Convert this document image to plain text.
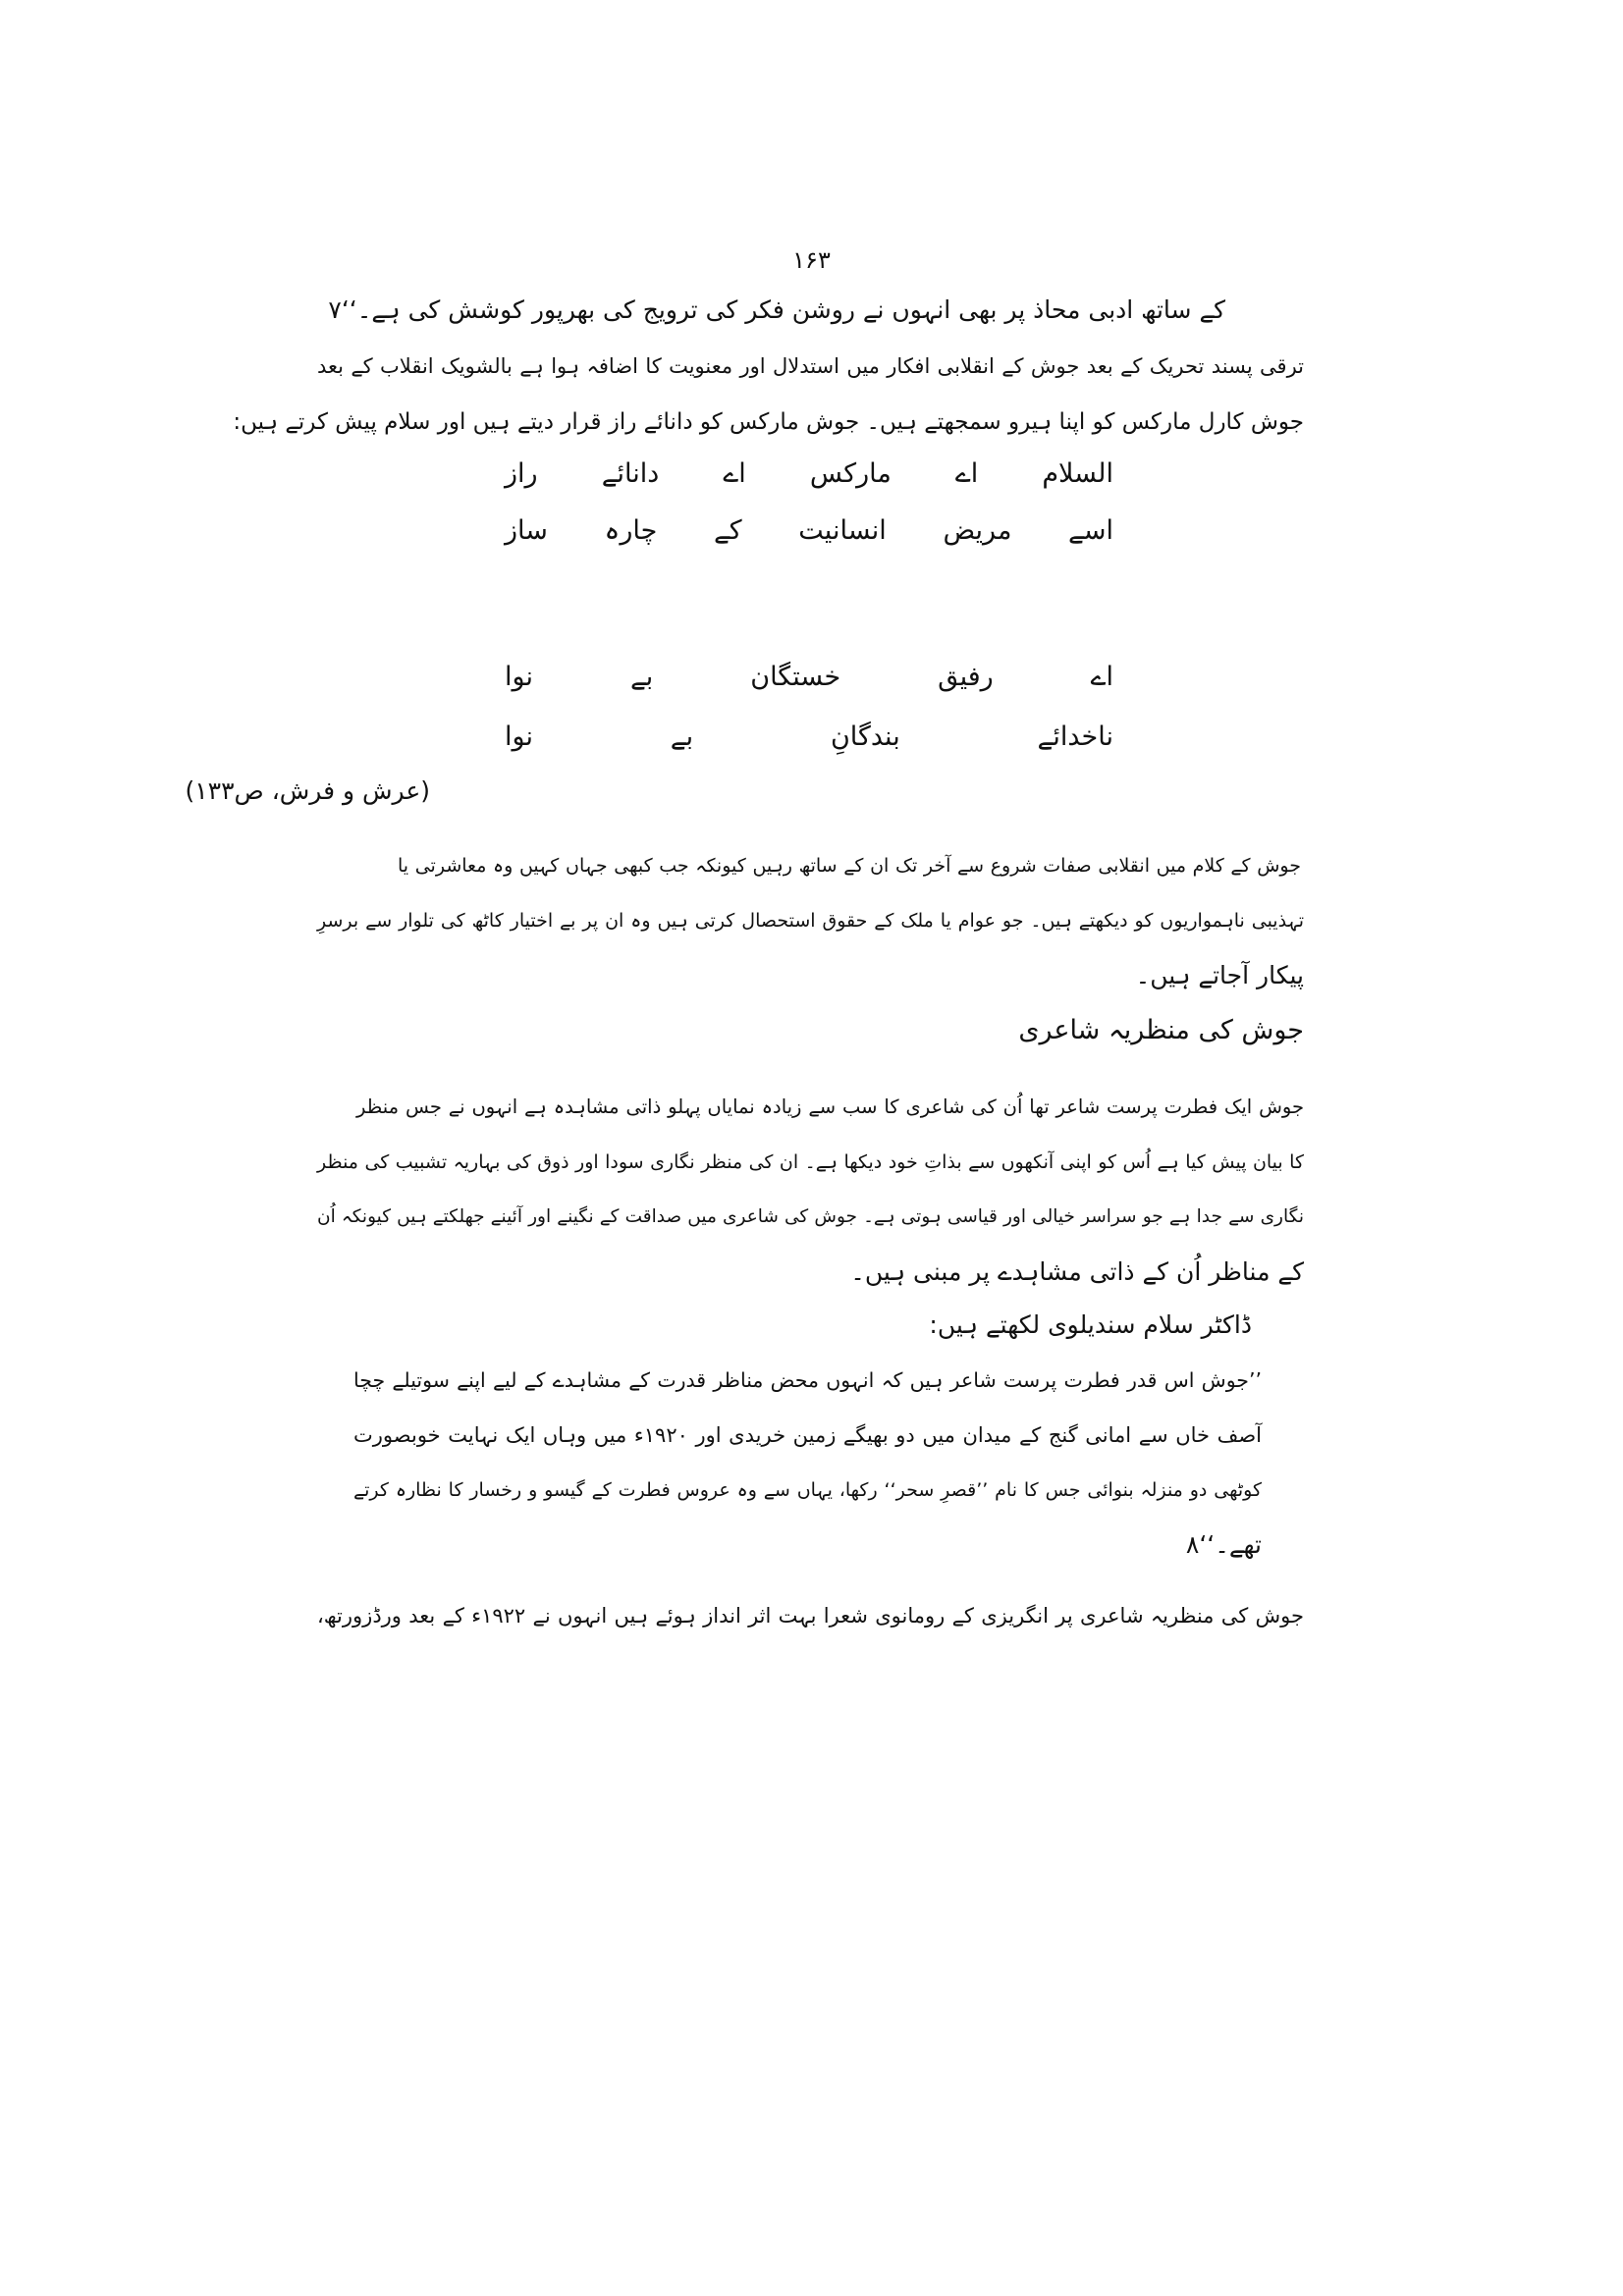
۱۶۳
کے ساتھ ادبی محاذ پر بھی انہوں نے روشن فکر کی ترویج کی بھرپور کوشش کی ہے۔‘‘۷
ترقی پسند تحریک کے بعد جوش کے انقلابی افکار میں استدلال اور معنویت کا اضافہ ہوا ہے بالشویک انقلاب کے بعد
جوش کارل مارکس کو اپنا ہیرو سمجھتے ہیں۔ جوش مارکس کو دانائے راز قرار دیتے ہیں اور سلام پیش کرتے ہیں:
السلام
اے
مارکس
اے
دانائے
راز
اسے
مریض
انسانیت
کے
چارہ
ساز
اے
رفیق
خستگان
بے
نوا
ناخدائے
بندگانِ
بے
نوا
(عرش و فرش، ص۱۳۳)
جوش کے کلام میں انقلابی صفات شروع سے آخر تک ان کے ساتھ رہیں کیونکہ جب کبھی جہاں کہیں وہ معاشرتی یا
تہذیبی ناہمواریوں کو دیکھتے ہیں۔ جو عوام یا ملک کے حقوق استحصال کرتی ہیں وہ ان پر بے اختیار کاٹھ کی تلوار سے برسرِ
پیکار آجاتے ہیں۔
جوش کی منظریہ شاعری
جوش ایک فطرت پرست شاعر تھا اُن کی شاعری کا سب سے زیادہ نمایاں پہلو ذاتی مشاہدہ ہے انہوں نے جس منظر
کا بیان پیش کیا ہے اُس کو اپنی آنکھوں سے بذاتِ خود دیکھا ہے۔ ان کی منظر نگاری سودا اور ذوق کی بہاریہ تشبیب کی منظر
نگاری سے جدا ہے جو سراسر خیالی اور قیاسی ہوتی ہے۔ جوش کی شاعری میں صداقت کے نگینے اور آئینے جھلکتے ہیں کیونکہ اُن
کے مناظر اُن کے ذاتی مشاہدے پر مبنی ہیں۔
ڈاکٹر سلام سندیلوی لکھتے ہیں:
’’جوش اس قدر فطرت پرست شاعر ہیں کہ انہوں محض مناظر قدرت کے مشاہدے کے لیے اپنے سوتیلے چچا
آصف خاں سے امانی گنج کے میدان میں دو بھیگے زمین خریدی اور ۱۹۲۰ء میں وہاں ایک نہایت خوبصورت
کوٹھی دو منزلہ بنوائی جس کا نام ’’قصرِ سحر‘‘ رکھا، یہاں سے وہ عروس فطرت کے گیسو و رخسار کا نظارہ کرتے
تھے۔‘‘۸
جوش کی منظریہ شاعری پر انگریزی کے رومانوی شعرا بہت اثر انداز ہوئے ہیں انہوں نے ۱۹۲۲ء کے بعد ورڈزورتھ،
